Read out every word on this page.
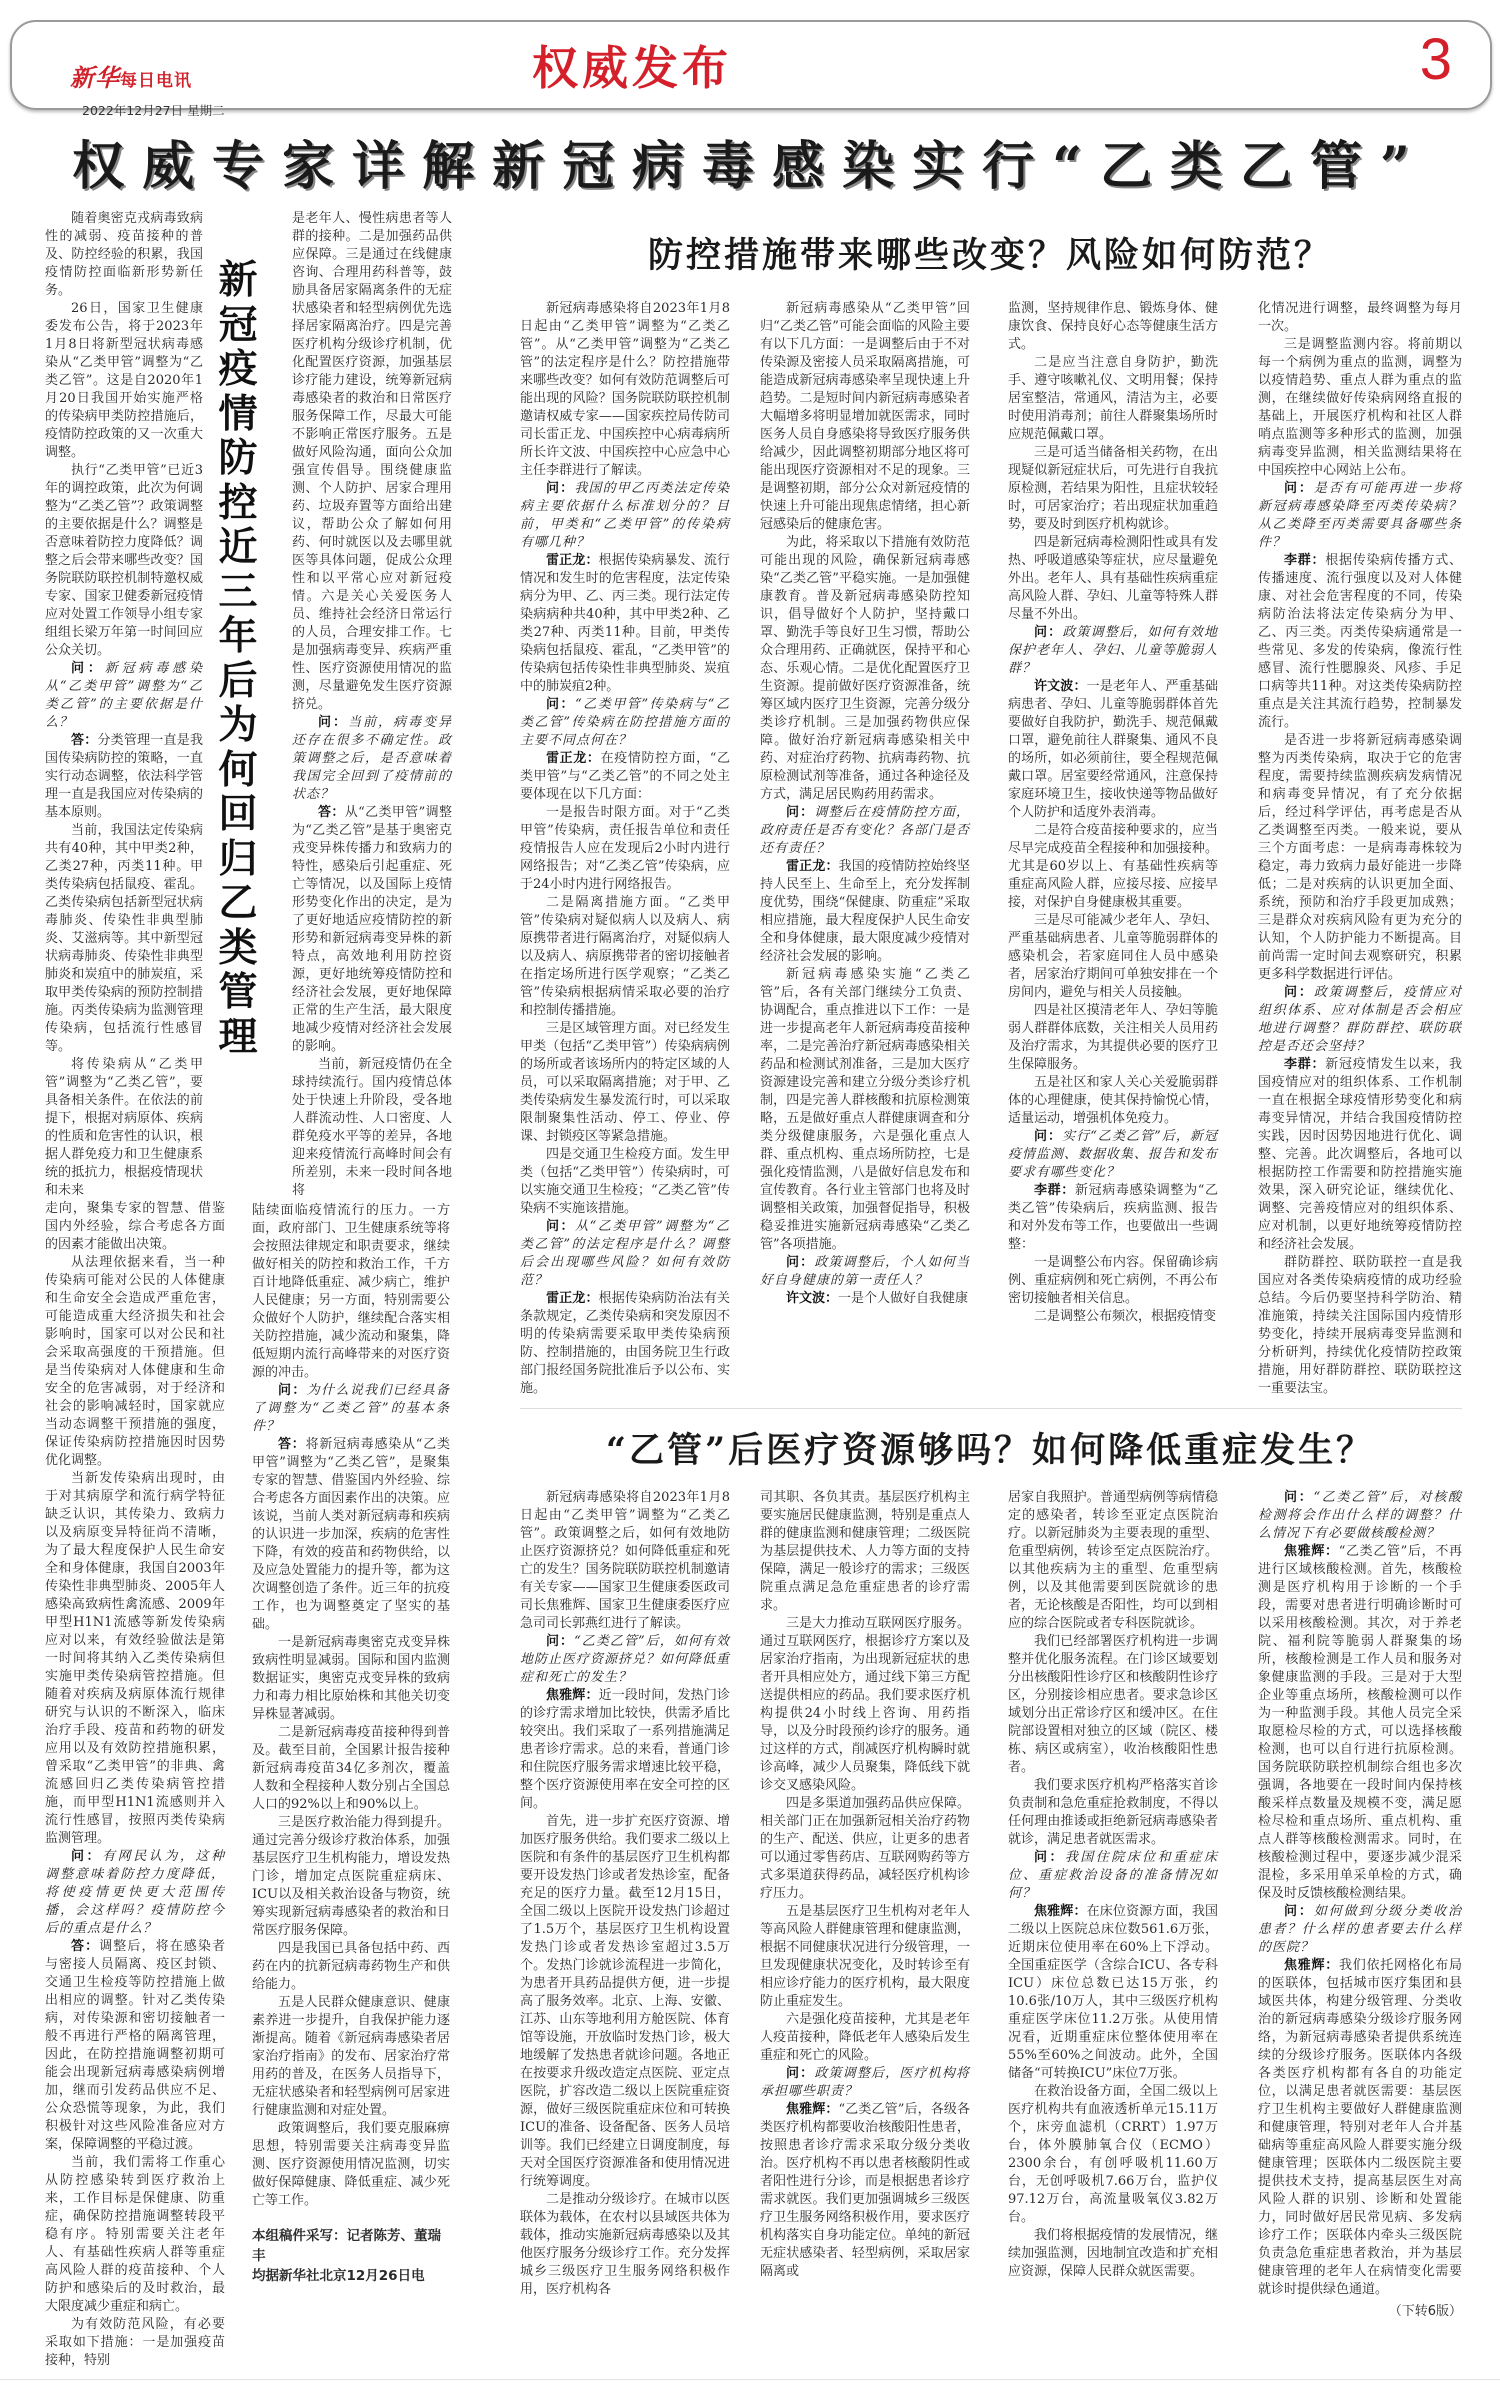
新华每日电讯
2022年12月27日 星期二
权威发布	3
权威专家详解新冠病毒感染实行“乙类乙管”
新冠疫情防控近三年后为何回归乙类管理

随着奥密克戎病毒致病性的减弱、疫苗接种的普及、防控经验的积累，我国疫情防控面临新形势新任务。

26日，国家卫生健康委发布公告，将于2023年1月8日将新型冠状病毒感染从“乙类甲管”调整为“乙类乙管”。这是自2020年1月20日我国开始实施严格的传染病甲类防控措施后，疫情防控政策的又一次重大调整。

执行“乙类甲管”已近3年的调控政策，此次为何调整为“乙类乙管”？政策调整的主要依据是什么？调整是否意味着防控力度降低？调整之后会带来哪些改变？国务院联防联控机制特邀权威专家、国家卫健委新冠疫情应对处置工作领导小组专家组组长梁万年第一时间回应公众关切。

问：新冠病毒感染从“乙类甲管”调整为“乙类乙管”的主要依据是什么？

答：分类管理一直是我国传染病防控的策略，一直实行动态调整，依法科学管理一直是我国应对传染病的基本原则。

当前，我国法定传染病共有40种，其中甲类2种，乙类27种，丙类11种。甲类传染病包括鼠疫、霍乱。乙类传染病包括新型冠状病毒肺炎、传染性非典型肺炎、艾滋病等。其中新型冠状病毒肺炎、传染性非典型肺炎和炭疽中的肺炭疽，采取甲类传染病的预防控制措施。丙类传染病为监测管理传染病，包括流行性感冒等。

将传染病从“乙类甲管”调整为“乙类乙管”，要具备相关条件。在依法的前提下，根据对病原体、疾病的性质和危害性的认识，根据人群免疫力和卫生健康系统的抵抗力，根据疫情现状和未来

走向，聚集专家的智慧、借鉴国内外经验，综合考虑各方面的因素才能做出决策。

从法理依据来看，当一种传染病可能对公民的人体健康和生命安全会造成严重危害，可能造成重大经济损失和社会影响时，国家可以对公民和社会采取高强度的干预措施。但是当传染病对人体健康和生命安全的危害减弱，对于经济和社会的影响减轻时，国家就应当动态调整干预措施的强度，保证传染病防控措施因时因势优化调整。

当新发传染病出现时，由于对其病原学和流行病学特征缺乏认识，其传染力、致病力以及病原变异特征尚不清晰，为了最大程度保护人民生命安全和身体健康，我国自2003年传染性非典型肺炎、2005年人感染高致病性禽流感、2009年甲型H1N1流感等新发传染病应对以来，有效经验做法是第一时间将其纳入乙类传染病但实施甲类传染病管控措施。但随着对疾病及病原体流行规律研究与认识的不断深入，临床治疗手段、疫苗和药物的研发应用以及有效防控措施积累，曾采取“乙类甲管”的非典、禽流感回归乙类传染病管控措施，而甲型H1N1流感则并入流行性感冒，按照丙类传染病监测管理。

问：有网民认为，这种调整意味着防控力度降低，将使疫情更快更大范围传播，会这样吗？疫情防控今后的重点是什么？

答：调整后，将在感染者与密接人员隔离、疫区封锁、交通卫生检疫等防控措施上做出相应的调整。针对乙类传染病，对传染源和密切接触者一般不再进行严格的隔离管理，因此，在防控措施调整初期可能会出现新冠病毒感染病例增加，继而引发药品供应不足、公众恐慌等现象，为此，我们积极针对这些风险准备应对方案，保障调整的平稳过渡。

当前，我们需将工作重心从防控感染转到医疗救治上来，工作目标是保健康、防重症，确保防控措施调整转段平稳有序。特别需要关注老年人、有基础性疾病人群等重症高风险人群的疫苗接种、个人防护和感染后的及时救治，最大限度减少重症和病亡。

为有效防范风险，有必要采取如下措施：一是加强疫苗接种，特别

是老年人、慢性病患者等人群的接种。二是加强药品供应保障。三是通过在线健康咨询、合理用药科普等，鼓励具备居家隔离条件的无症状感染者和轻型病例优先选择居家隔离治疗。四是完善医疗机构分级诊疗机制，优化配置医疗资源，加强基层诊疗能力建设，统筹新冠病毒感染者的救治和日常医疗服务保障工作，尽最大可能不影响正常医疗服务。五是做好风险沟通，面向公众加强宣传倡导。围绕健康监测、个人防护、居家合理用药、垃圾弃置等方面给出建议，帮助公众了解如何用药、何时就医以及去哪里就医等具体问题，促成公众理性和以平常心应对新冠疫情。六是关心关爱医务人员、维持社会经济日常运行的人员，合理安排工作。七是加强病毒变异、疾病严重性、医疗资源使用情况的监测，尽量避免发生医疗资源挤兑。

问：当前，病毒变异还存在很多不确定性。政策调整之后，是否意味着我国完全回到了疫情前的状态？

答：从“乙类甲管”调整为“乙类乙管”是基于奥密克戎变异株传播力和致病力的特性，感染后引起重症、死亡等情况，以及国际上疫情形势变化作出的决定，是为了更好地适应疫情防控的新形势和新冠病毒变异株的新特点，高效地利用防控资源，更好地统筹疫情防控和经济社会发展，更好地保障正常的生产生活，最大限度地减少疫情对经济社会发展的影响。

当前，新冠疫情仍在全球持续流行。国内疫情总体处于快速上升阶段，受各地人群流动性、人口密度、人群免疫水平等的差异，各地迎来疫情流行高峰时间会有所差别，未来一段时间各地将

陆续面临疫情流行的压力。一方面，政府部门、卫生健康系统等将会按照法律规定和职责要求，继续做好相关的防控和救治工作，千方百计地降低重症、减少病亡，维护人民健康；另一方面，特别需要公众做好个人防护，继续配合落实相关防控措施，减少流动和聚集，降低短期内流行高峰带来的对医疗资源的冲击。

问：为什么说我们已经具备了调整为“乙类乙管”的基本条件？

答：将新冠病毒感染从“乙类甲管”调整为“乙类乙管”，是聚集专家的智慧、借鉴国内外经验、综合考虑各方面因素作出的决策。应该说，当前人类对新冠病毒和疾病的认识进一步加深，疾病的危害性下降，有效的疫苗和药物供给，以及应急处置能力的提升等，都为这次调整创造了条件。近三年的抗疫工作，也为调整奠定了坚实的基础。

一是新冠病毒奥密克戎变异株致病性明显减弱。国际和国内监测数据证实，奥密克戎变异株的致病力和毒力相比原始株和其他关切变异株显著减弱。

二是新冠病毒疫苗接种得到普及。截至目前，全国累计报告接种新冠病毒疫苗34亿多剂次，覆盖人数和全程接种人数分别占全国总人口的92%以上和90%以上。

三是医疗救治能力得到提升。通过完善分级诊疗救治体系，加强基层医疗卫生机构能力，增设发热门诊，增加定点医院重症病床、ICU以及相关救治设备与物资，统筹实现新冠病毒感染者的救治和日常医疗服务保障。

四是我国已具备包括中药、西药在内的抗新冠病毒药物生产和供给能力。

五是人民群众健康意识、健康素养进一步提升，自我保护能力逐渐提高。随着《新冠病毒感染者居家治疗指南》的发布、居家治疗常用药的普及，在医务人员指导下，无症状感染者和轻型病例可居家进行健康监测和对症处置。

政策调整后，我们要克服麻痹思想，特别需要关注病毒变异监测、医疗资源使用情况监测，切实做好保障健康、降低重症、减少死亡等工作。

本组稿件采写：记者陈芳、董瑞丰
均据新华社北京12月26日电
防控措施带来哪些改变？风险如何防范？

新冠病毒感染将自2023年1月8日起由“乙类甲管”调整为“乙类乙管”。从“乙类甲管”调整为“乙类乙管”的法定程序是什么？防控措施带来哪些改变？如何有效防范调整后可能出现的风险？国务院联防联控机制邀请权威专家——国家疾控局传防司司长雷正龙、中国疾控中心病毒病所所长许文波、中国疾控中心应急中心主任李群进行了解读。

问：我国的甲乙丙类法定传染病主要依据什么标准划分的？目前，甲类和“乙类甲管”的传染病有哪几种？

雷正龙：根据传染病暴发、流行情况和发生时的危害程度，法定传染病分为甲、乙、丙三类。现行法定传染病病种共40种，其中甲类2种、乙类27种、丙类11种。目前，甲类传染病包括鼠疫、霍乱，“乙类甲管”的传染病包括传染性非典型肺炎、炭疽中的肺炭疽2种。

问：“乙类甲管”传染病与“乙类乙管”传染病在防控措施方面的主要不同点何在？

雷正龙：在疫情防控方面，“乙类甲管”与“乙类乙管”的不同之处主要体现在以下几方面：

一是报告时限方面。对于“乙类甲管”传染病，责任报告单位和责任疫情报告人应在发现后2小时内进行网络报告；对“乙类乙管”传染病，应于24小时内进行网络报告。

二是隔离措施方面。“乙类甲管”传染病对疑似病人以及病人、病原携带者进行隔离治疗，对疑似病人以及病人、病原携带者的密切接触者在指定场所进行医学观察；“乙类乙管”传染病根据病情采取必要的治疗和控制传播措施。

三是区域管理方面。对已经发生甲类（包括“乙类甲管”）传染病病例的场所或者该场所内的特定区域的人员，可以采取隔离措施；对于甲、乙类传染病发生暴发流行时，可以采取限制聚集性活动、停工、停业、停课、封锁疫区等紧急措施。

四是交通卫生检疫方面。发生甲类（包括“乙类甲管”）传染病时，可以实施交通卫生检疫；“乙类乙管”传染病不实施该措施。

问：从“乙类甲管”调整为“乙类乙管”的法定程序是什么？调整后会出现哪些风险？如何有效防范？

雷正龙：根据传染病防治法有关条款规定，乙类传染病和突发原因不明的传染病需要采取甲类传染病预防、控制措施的，由国务院卫生行政部门报经国务院批准后予以公布、实施。

新冠病毒感染从“乙类甲管”回归“乙类乙管”可能会面临的风险主要有以下几方面：一是调整后由于不对传染源及密接人员采取隔离措施，可能造成新冠病毒感染率呈现快速上升趋势。二是短时间内新冠病毒感染者大幅增多将明显增加就医需求，同时医务人员自身感染将导致医疗服务供给减少，因此调整初期部分地区将可能出现医疗资源相对不足的现象。三是调整初期，部分公众对新冠疫情的快速上升可能出现焦虑情绪，担心新冠感染后的健康危害。

为此，将采取以下措施有效防范可能出现的风险，确保新冠病毒感染“乙类乙管”平稳实施。一是加强健康教育。普及新冠病毒感染防控知识，倡导做好个人防护，坚持戴口罩、勤洗手等良好卫生习惯，帮助公众合理用药、正确就医，保持平和心态、乐观心情。二是优化配置医疗卫生资源。提前做好医疗资源准备，统筹区域内医疗卫生资源，完善分级分类诊疗机制。三是加强药物供应保障。做好治疗新冠病毒感染相关中药、对症治疗药物、抗病毒药物、抗原检测试剂等准备，通过各种途径及方式，满足居民购药用药需求。

问：调整后在疫情防控方面，政府责任是否有变化？各部门是否还有责任？

雷正龙：我国的疫情防控始终坚持人民至上、生命至上，充分发挥制度优势，围绕“保健康、防重症”采取相应措施，最大程度保护人民生命安全和身体健康，最大限度减少疫情对经济社会发展的影响。

新冠病毒感染实施“乙类乙管”后，各有关部门继续分工负责、协调配合，重点推进以下工作：一是进一步提高老年人新冠病毒疫苗接种率，二是完善治疗新冠病毒感染相关药品和检测试剂准备，三是加大医疗资源建设完善和建立分级分类诊疗机制，四是完善人群核酸和抗原检测策略，五是做好重点人群健康调查和分类分级健康服务，六是强化重点人群、重点机构、重点场所防控，七是强化疫情监测，八是做好信息发布和宣传教育。各行业主管部门也将及时调整相关政策，加强督促指导，积极稳妥推进实施新冠病毒感染“乙类乙管”各项措施。

问：政策调整后，个人如何当好自身健康的第一责任人？

许文波：一是个人做好自我健康

监测，坚持规律作息、锻炼身体、健康饮食、保持良好心态等健康生活方式。

二是应当注意自身防护，勤洗手、遵守咳嗽礼仪、文明用餐；保持居室整洁，常通风，清洁为主，必要时使用消毒剂；前往人群聚集场所时应规范佩戴口罩。

三是可适当储备相关药物，在出现疑似新冠症状后，可先进行自我抗原检测，若结果为阳性，且症状较轻时，可居家治疗；若出现症状加重趋势，要及时到医疗机构就诊。

四是新冠病毒检测阳性或具有发热、呼吸道感染等症状，应尽量避免外出。老年人、具有基础性疾病重症高风险人群、孕妇、儿童等特殊人群尽量不外出。

问：政策调整后，如何有效地保护老年人、孕妇、儿童等脆弱人群？

许文波：一是老年人、严重基础病患者、孕妇、儿童等脆弱群体首先要做好自我防护，勤洗手、规范佩戴口罩，避免前往人群聚集、通风不良的场所，如必须前往，要全程规范佩戴口罩。居室要经常通风，注意保持家庭环境卫生，接收快递等物品做好个人防护和适度外表消毒。

二是符合疫苗接种要求的，应当尽早完成疫苗全程接种和加强接种。尤其是60岁以上、有基础性疾病等重症高风险人群，应接尽接、应接早接，对保护自身健康极其重要。

三是尽可能减少老年人、孕妇、严重基础病患者、儿童等脆弱群体的感染机会，若家庭同住人员中感染者，居家治疗期间可单独安排在一个房间内，避免与相关人员接触。

四是社区摸清老年人、孕妇等脆弱人群群体底数，关注相关人员用药及治疗需求，为其提供必要的医疗卫生保障服务。

五是社区和家人关心关爱脆弱群体的心理健康，使其保持愉悦心情，适量运动，增强机体免疫力。

问：实行“乙类乙管”后，新冠疫情监测、数据收集、报告和发布要求有哪些变化？

李群：新冠病毒感染调整为“乙类乙管”传染病后，疾病监测、报告和对外发布等工作，也要做出一些调整：

一是调整公布内容。保留确诊病例、重症病例和死亡病例，不再公布密切接触者相关信息。

二是调整公布频次，根据疫情变

化情况进行调整，最终调整为每月一次。

三是调整监测内容。将前期以每一个病例为重点的监测，调整为以疫情趋势、重点人群为重点的监测，在继续做好传染病网络直报的基础上，开展医疗机构和社区人群哨点监测等多种形式的监测，加强病毒变异监测，相关监测结果将在中国疾控中心网站上公布。

问：是否有可能再进一步将新冠病毒感染降至丙类传染病？从乙类降至丙类需要具备哪些条件？

李群：根据传染病传播方式、传播速度、流行强度以及对人体健康、对社会危害程度的不同，传染病防治法将法定传染病分为甲、乙、丙三类。丙类传染病通常是一些常见、多发的传染病，像流行性感冒、流行性腮腺炎、风疹、手足口病等共11种。对这类传染病防控重点是关注其流行趋势，控制暴发流行。

是否进一步将新冠病毒感染调整为丙类传染病，取决于它的危害程度，需要持续监测疾病发病情况和病毒变异情况，有了充分依据后，经过科学评估，再考虑是否从乙类调整至丙类。一般来说，要从三个方面考虑：一是病毒毒株较为稳定，毒力致病力最好能进一步降低；二是对疾病的认识更加全面、系统，预防和治疗手段更加成熟；三是群众对疾病风险有更为充分的认知，个人防护能力不断提高。目前尚需一定时间去观察研究，积累更多科学数据进行评估。

问：政策调整后，疫情应对组织体系、应对体制是否会相应地进行调整？群防群控、联防联控是否还会坚持？

李群：新冠疫情发生以来，我国疫情应对的组织体系、工作机制一直在根据全球疫情形势变化和病毒变异情况，并结合我国疫情防控实践，因时因势因地进行优化、调整、完善。此次调整后，各地可以根据防控工作需要和防控措施实施效果，深入研究论证，继续优化、调整、完善疫情应对的组织体系、应对机制，以更好地统筹疫情防控和经济社会发展。

群防群控、联防联控一直是我国应对各类传染病疫情的成功经验总结。今后仍要坚持科学防治、精准施策，持续关注国际国内疫情形势变化，持续开展病毒变异监测和分析研判，持续优化疫情防控政策措施，用好群防群控、联防联控这一重要法宝。

“乙管”后医疗资源够吗？如何降低重症发生？

新冠病毒感染将自2023年1月8日起由“乙类甲管”调整为“乙类乙管”。政策调整之后，如何有效地防止医疗资源挤兑？如何降低重症和死亡的发生？国务院联防联控机制邀请有关专家——国家卫生健康委医政司司长焦雅辉、国家卫生健康委医疗应急司司长郭燕红进行了解读。

问：“乙类乙管”后，如何有效地防止医疗资源挤兑？如何降低重症和死亡的发生？

焦雅辉：近一段时间，发热门诊的诊疗需求增加比较快，供需矛盾比较突出。我们采取了一系列措施满足患者诊疗需求。总的来看，普通门诊和住院医疗服务需求增速比较平稳，整个医疗资源使用率在安全可控的区间。

首先，进一步扩充医疗资源、增加医疗服务供给。我们要求二级以上医院和有条件的基层医疗卫生机构都要开设发热门诊或者发热诊室，配备充足的医疗力量。截至12月15日，全国二级以上医院开设发热门诊超过了1.5万个，基层医疗卫生机构设置发热门诊或者发热诊室超过3.5万个。发热门诊就诊流程进一步简化，为患者开具药品提供方便，进一步提高了服务效率。北京、上海、安徽、江苏、山东等地利用方舱医院、体育馆等设施，开放临时发热门诊，极大地缓解了发热患者就诊问题。各地正在按要求升级改造定点医院、亚定点医院，扩容改造二级以上医院重症资源，做好三级医院重症床位和可转换ICU的准备、设备配备、医务人员培训等。我们已经建立日调度制度，每天对全国医疗资源准备和使用情况进行统筹调度。

二是推动分级诊疗。在城市以医联体为载体，在农村以县域医共体为载体，推动实施新冠病毒感染以及其他医疗服务分级诊疗工作。充分发挥城乡三级医疗卫生服务网络积极作用，医疗机构各

司其职、各负其责。基层医疗机构主要实施居民健康监测，特别是重点人群的健康监测和健康管理；二级医院为基层提供技术、人力等方面的支持保障，满足一般诊疗的需求；三级医院重点满足急危重症患者的诊疗需求。

三是大力推动互联网医疗服务。通过互联网医疗，根据诊疗方案以及居家治疗指南，为出现新冠症状的患者开具相应处方，通过线下第三方配送提供相应的药品。我们要求医疗机构提供24小时线上咨询、用药指导，以及分时段预约诊疗的服务。通过这样的方式，削减医疗机构瞬时就诊高峰，减少人员聚集，降低线下就诊交叉感染风险。

四是多渠道加强药品供应保障。相关部门正在加强新冠相关治疗药物的生产、配送、供应，让更多的患者可以通过零售药店、互联网购药等方式多渠道获得药品，减轻医疗机构诊疗压力。

五是基层医疗卫生机构对老年人等高风险人群健康管理和健康监测，根据不同健康状况进行分级管理，一旦发现健康状况变化，及时转诊至有相应诊疗能力的医疗机构，最大限度防止重症发生。

六是强化疫苗接种，尤其是老年人疫苗接种，降低老年人感染后发生重症和死亡的风险。

问：政策调整后，医疗机构将承担哪些职责？

焦雅辉：“乙类乙管”后，各级各类医疗机构都要收治核酸阳性患者，按照患者诊疗需求采取分级分类收治。医疗机构不再以患者核酸阴性或者阳性进行分诊，而是根据患者诊疗需求就医。我们更加强调城乡三级医疗卫生服务网络积极作用，要求医疗机构落实自身功能定位。单纯的新冠无症状感染者、轻型病例，采取居家隔离或

居家自我照护。普通型病例等病情稳定的感染者，转诊至亚定点医院治疗。以新冠肺炎为主要表现的重型、危重型病例，转诊至定点医院治疗。以其他疾病为主的重型、危重型病例，以及其他需要到医院就诊的患者，无论核酸是否阳性，均可以到相应的综合医院或者专科医院就诊。

我们已经部署医疗机构进一步调整并优化服务流程。在门诊区域要划分出核酸阳性诊疗区和核酸阴性诊疗区，分别接诊相应患者。要求急诊区域划分出正常诊疗区和缓冲区。在住院部设置相对独立的区域（院区、楼栋、病区或病室），收治核酸阳性患者。

我们要求医疗机构严格落实首诊负责制和急危重症抢救制度，不得以任何理由推诿或拒绝新冠病毒感染者就诊，满足患者就医需求。

问：我国住院床位和重症床位、重症救治设备的准备情况如何？

焦雅辉：在床位资源方面，我国二级以上医院总床位数561.6万张，近期床位使用率在60%上下浮动。全国重症医学（含综合ICU、各专科ICU）床位总数已达15万张，约10.6张/10万人，其中三级医疗机构重症医学床位11.2万张。从使用情况看，近期重症床位整体使用率在55%至60%之间波动。此外，全国储备“可转换ICU”床位7万张。

在救治设备方面，全国二级以上医疗机构共有血液透析单元15.11万个，床旁血滤机（CRRT）1.97万台，体外膜肺氧合仪（ECMO）2300余台，有创呼吸机11.60万台，无创呼吸机7.66万台，监护仪97.12万台，高流量吸氧仪3.82万台。

我们将根据疫情的发展情况，继续加强监测，因地制宜改造和扩充相应资源，保障人民群众就医需要。

问：“乙类乙管”后，对核酸检测将会作出什么样的调整？什么情况下有必要做核酸检测？

焦雅辉：“乙类乙管”后，不再进行区域核酸检测。首先，核酸检测是医疗机构用于诊断的一个手段，需要对患者进行明确诊断时可以采用核酸检测。其次，对于养老院、福利院等脆弱人群聚集的场所，核酸检测是工作人员和服务对象健康监测的手段。三是对于大型企业等重点场所，核酸检测可以作为一种监测手段。其他人员完全采取愿检尽检的方式，可以选择核酸检测，也可以自行进行抗原检测。国务院联防联控机制综合组也多次强调，各地要在一段时间内保持核酸采样点数量及规模不变，满足愿检尽检和重点场所、重点机构、重点人群等核酸检测需求。同时，在核酸检测过程中，要逐步减少混采混检，多采用单采单检的方式，确保及时反馈核酸检测结果。

问：如何做到分级分类收治患者？什么样的患者要去什么样的医院？

焦雅辉：我们依托网格化布局的医联体，包括城市医疗集团和县域医共体，构建分级管理、分类收治的新冠病毒感染分级诊疗服务网络，为新冠病毒感染者提供系统连续的分级诊疗服务。医联体内各级各类医疗机构都有各自的功能定位，以满足患者就医需要：基层医疗卫生机构主要做好人群健康监测和健康管理，特别对老年人合并基础病等重症高风险人群要实施分级健康管理；医联体内二级医院主要提供技术支持，提高基层医生对高风险人群的识别、诊断和处置能力，同时做好居民常见病、多发病诊疗工作；医联体内牵头三级医院负责急危重症患者救治，并为基层健康管理的老年人在病情变化需要就诊时提供绿色通道。

（下转6版）
